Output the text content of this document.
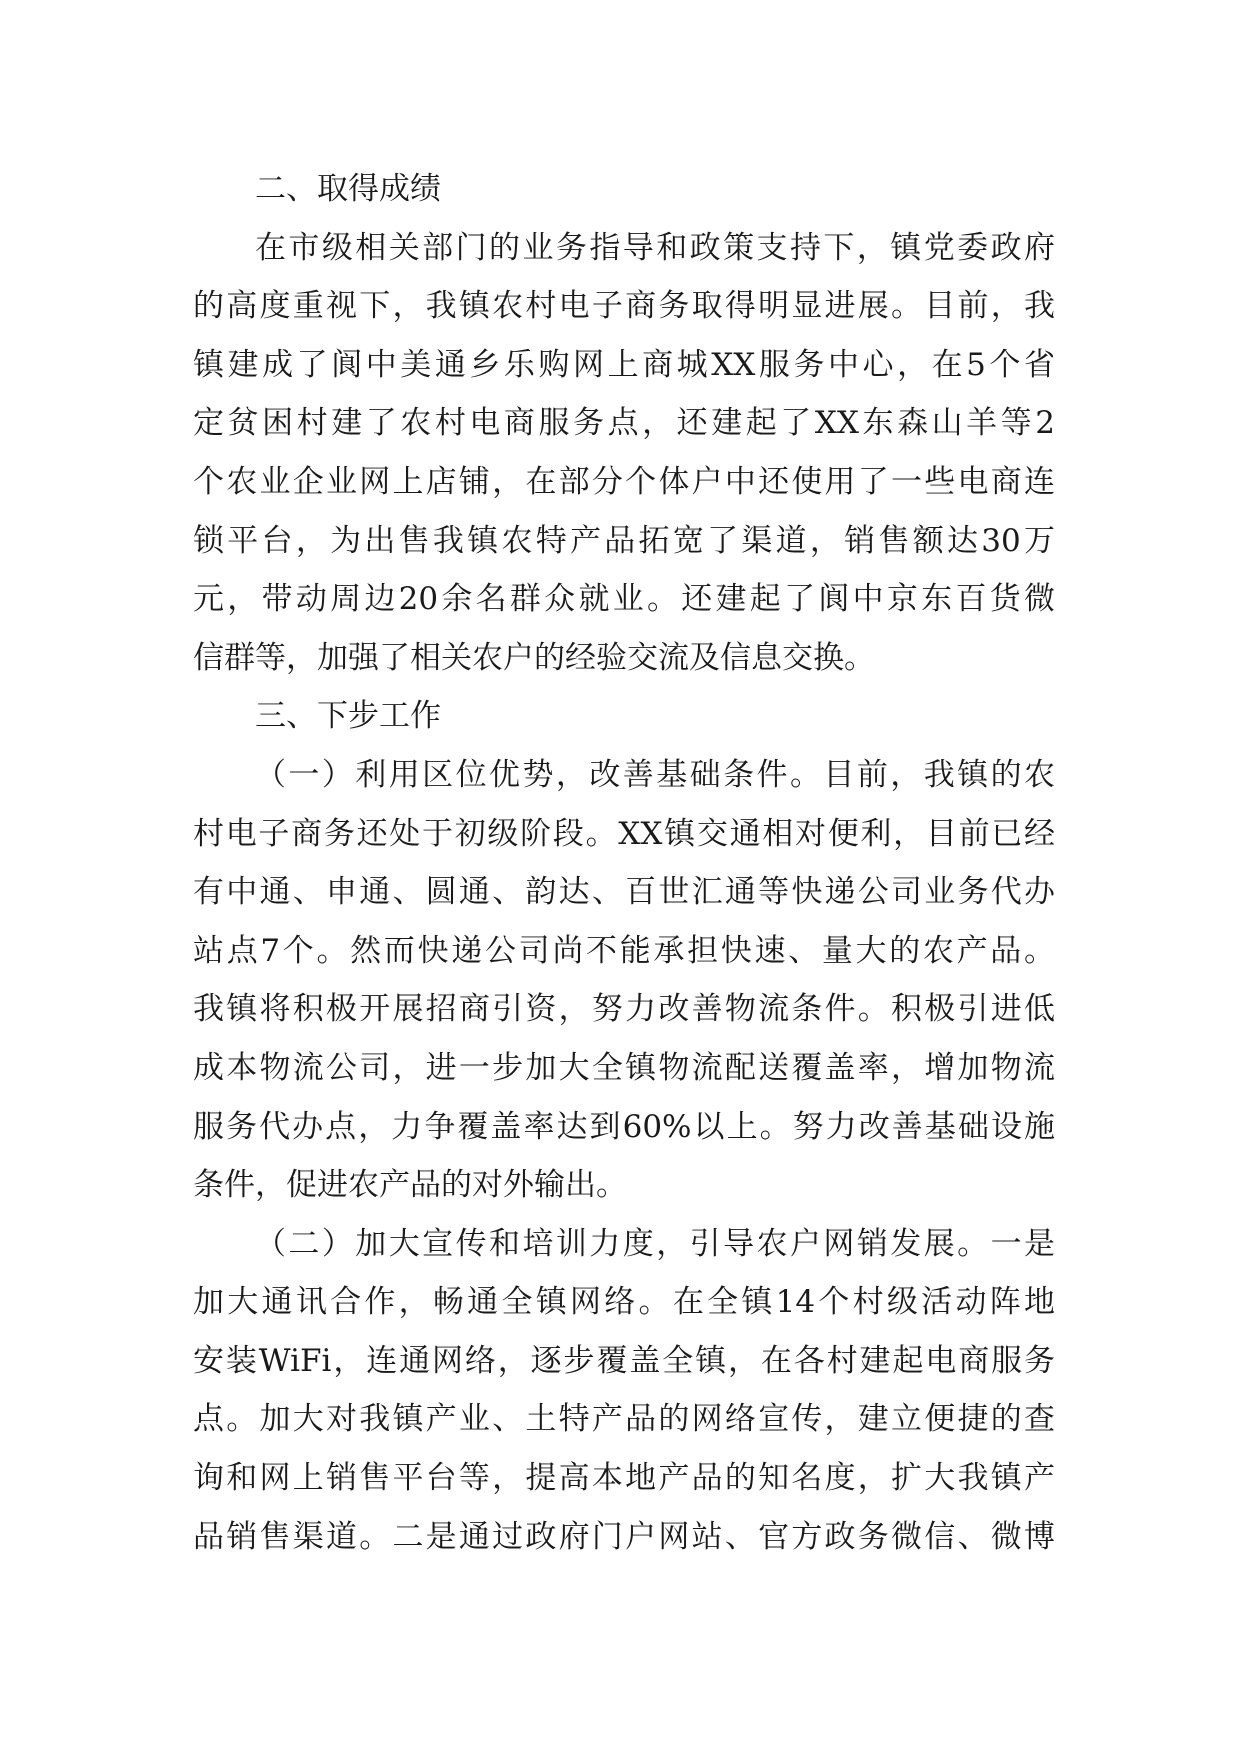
二、取得成绩
在市级相关部门的业务指导和政策支持下，镇党委政府
的高度重视下，我镇农村电子商务取得明显进展。目前，我
镇建成了阆中美通乡乐购网上商城XX服务中心，在5个省
定贫困村建了农村电商服务点，还建起了XX东森山羊等2
个农业企业网上店铺，在部分个体户中还使用了一些电商连
锁平台，为出售我镇农特产品拓宽了渠道，销售额达30万
元，带动周边20余名群众就业。还建起了阆中京东百货微
信群等，加强了相关农户的经验交流及信息交换。
三、下步工作
（一）利用区位优势，改善基础条件。目前，我镇的农
村电子商务还处于初级阶段。XX镇交通相对便利，目前已经
有中通、申通、圆通、韵达、百世汇通等快递公司业务代办
站点7个。然而快递公司尚不能承担快速、量大的农产品。
我镇将积极开展招商引资，努力改善物流条件。积极引进低
成本物流公司，进一步加大全镇物流配送覆盖率，增加物流
服务代办点，力争覆盖率达到60%以上。努力改善基础设施
条件，促进农产品的对外输出。
（二）加大宣传和培训力度，引导农户网销发展。一是
加大通讯合作，畅通全镇网络。在全镇14个村级活动阵地
安装WiFi，连通网络，逐步覆盖全镇，在各村建起电商服务
点。加大对我镇产业、土特产品的网络宣传，建立便捷的查
询和网上销售平台等，提高本地产品的知名度，扩大我镇产
品销售渠道。二是通过政府门户网站、官方政务微信、微博
